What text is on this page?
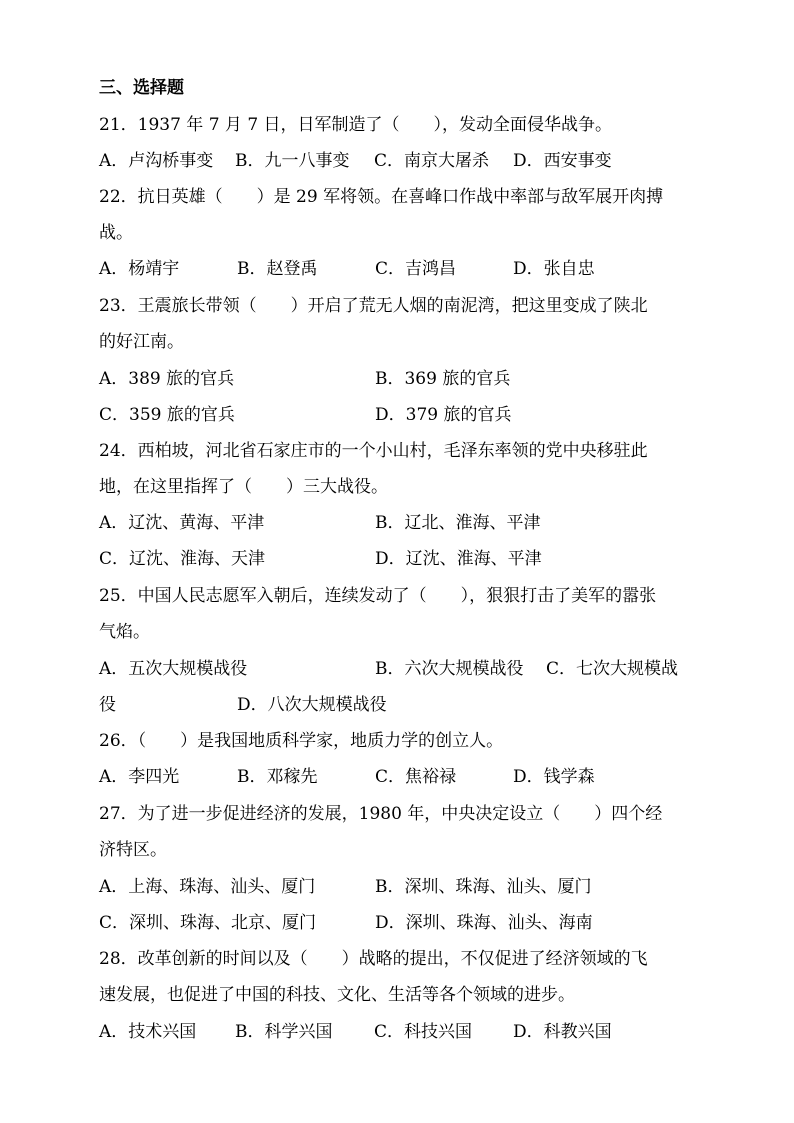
三、选择题
21．1937 年 7 月 7 日，日军制造了（　　），发动全面侵华战争。
A．卢沟桥事变 B．九一八事变 C．南京大屠杀 D．西安事变
22．抗日英雄（　　）是 29 军将领。在喜峰口作战中率部与敌军展开肉搏
战。
A．杨靖宇	B．赵登禹	C．吉鸿昌	D．张自忠
23．王震旅长带领（　　）开启了荒无人烟的南泥湾，把这里变成了陕北
的好江南。
A．389 旅的官兵	B．369 旅的官兵
C．359 旅的官兵	D．379 旅的官兵
24．西柏坡，河北省石家庄市的一个小山村，毛泽东率领的党中央移驻此
地，在这里指挥了（　　）三大战役。
A．辽沈、黄海、平津	B．辽北、淮海、平津
C．辽沈、淮海、天津	D．辽沈、淮海、平津
25．中国人民志愿军入朝后，连续发动了（　　），狠狠打击了美军的嚣张
气焰。
A．五次大规模战役	B．六次大规模战役 C．七次大规模战
役	D．八次大规模战役
26．（　　）是我国地质科学家，地质力学的创立人。
A．李四光	B．邓稼先	C．焦裕禄	D．钱学森
27．为了进一步促进经济的发展，1980 年，中央决定设立（　　）四个经
济特区。
A．上海、珠海、汕头、厦门	B．深圳、珠海、汕头、厦门
C．深圳、珠海、北京、厦门	D．深圳、珠海、汕头、海南
28．改革创新的时间以及（　　）战略的提出，不仅促进了经济领域的飞
速发展，也促进了中国的科技、文化、生活等各个领域的进步。
A．技术兴国 B．科学兴国 C．科技兴国 D．科教兴国
